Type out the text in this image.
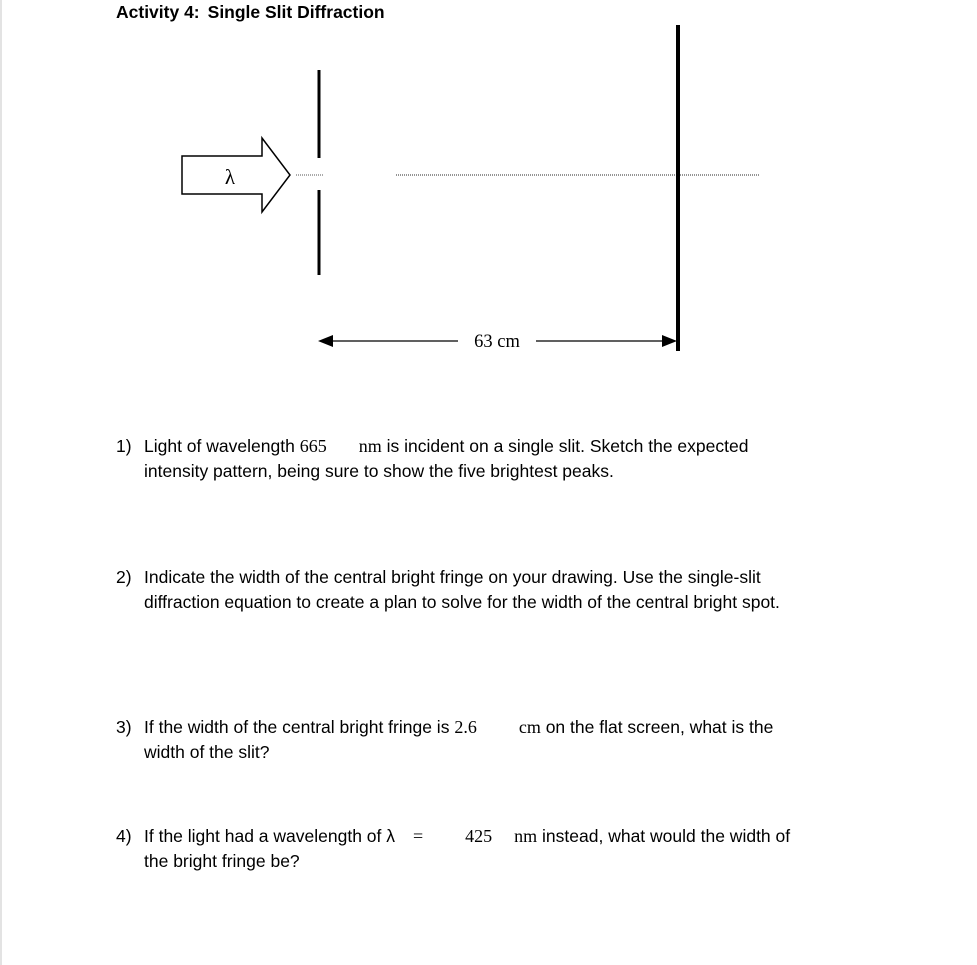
Activity 4: Single Slit Diffraction
λ
63 cm
1) Light of wavelength 665 nm is incident on a single slit. Sketch the expected
intensity pattern, being sure to show the five brightest peaks.
2) Indicate the width of the central bright fringe on your drawing. Use the single-slit
diffraction equation to create a plan to solve for the width of the central bright spot.
3) If the width of the central bright fringe is 2.6 cm on the flat screen, what is the
width of the slit?
4) If the light had a wavelength of λ = 425 nm instead, what would the width of
the bright fringe be?
